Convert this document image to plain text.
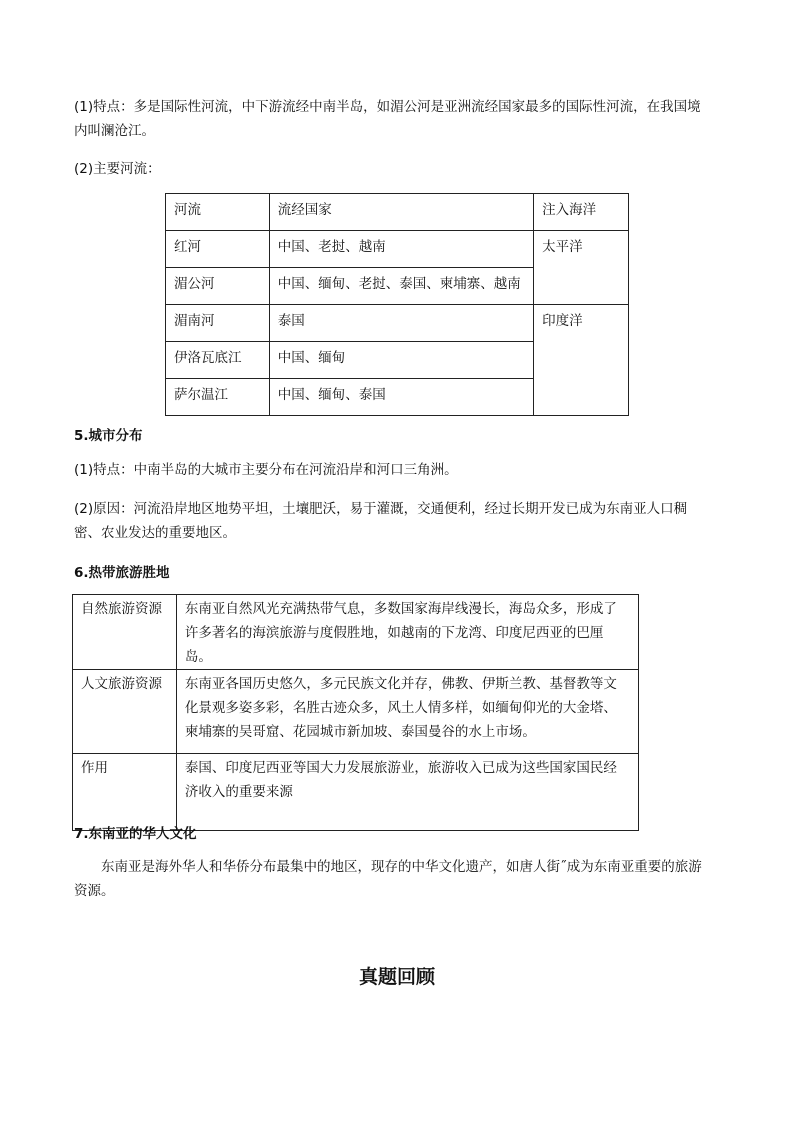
(1)特点：多是国际性河流，中下游流经中南半岛，如湄公河是亚洲流经国家最多的国际性河流，在我国境内叫澜沧江。

(2)主要河流：

河流	流经国家	注入海洋
红河	中国、老挝、越南	太平洋
湄公河	中国、缅甸、老挝、泰国、柬埔寨、越南	
湄南河	泰国	印度洋
伊洛瓦底江	中国、缅甸	
萨尔温江	中国、缅甸、泰国	

5.城市分布

(1)特点：中南半岛的大城市主要分布在河流沿岸和河口三角洲。

(2)原因：河流沿岸地区地势平坦，土壤肥沃，易于灌溉，交通便利，经过长期开发已成为东南亚人口稠密、农业发达的重要地区。

6.热带旅游胜地

自然旅游资源	东南亚自然风光充满热带气息，多数国家海岸线漫长，海岛众多，形成了许多著名的海滨旅游与度假胜地，如越南的下龙湾、印度尼西亚的巴厘岛。
人文旅游资源	东南亚各国历史悠久，多元民族文化并存，佛教、伊斯兰教、基督教等文化景观多姿多彩，名胜古迹众多，风土人情多样，如缅甸仰光的大金塔、柬埔寨的吴哥窟、花园城市新加坡、泰国曼谷的水上市场。
作用	泰国、印度尼西亚等国大力发展旅游业，旅游收入已成为这些国家国民经济收入的重要来源

7.东南亚的华人文化

东南亚是海外华人和华侨分布最集中的地区，现存的中华文化遗产，如唐人街˝成为东南亚重要的旅游资源。

真题回顾
